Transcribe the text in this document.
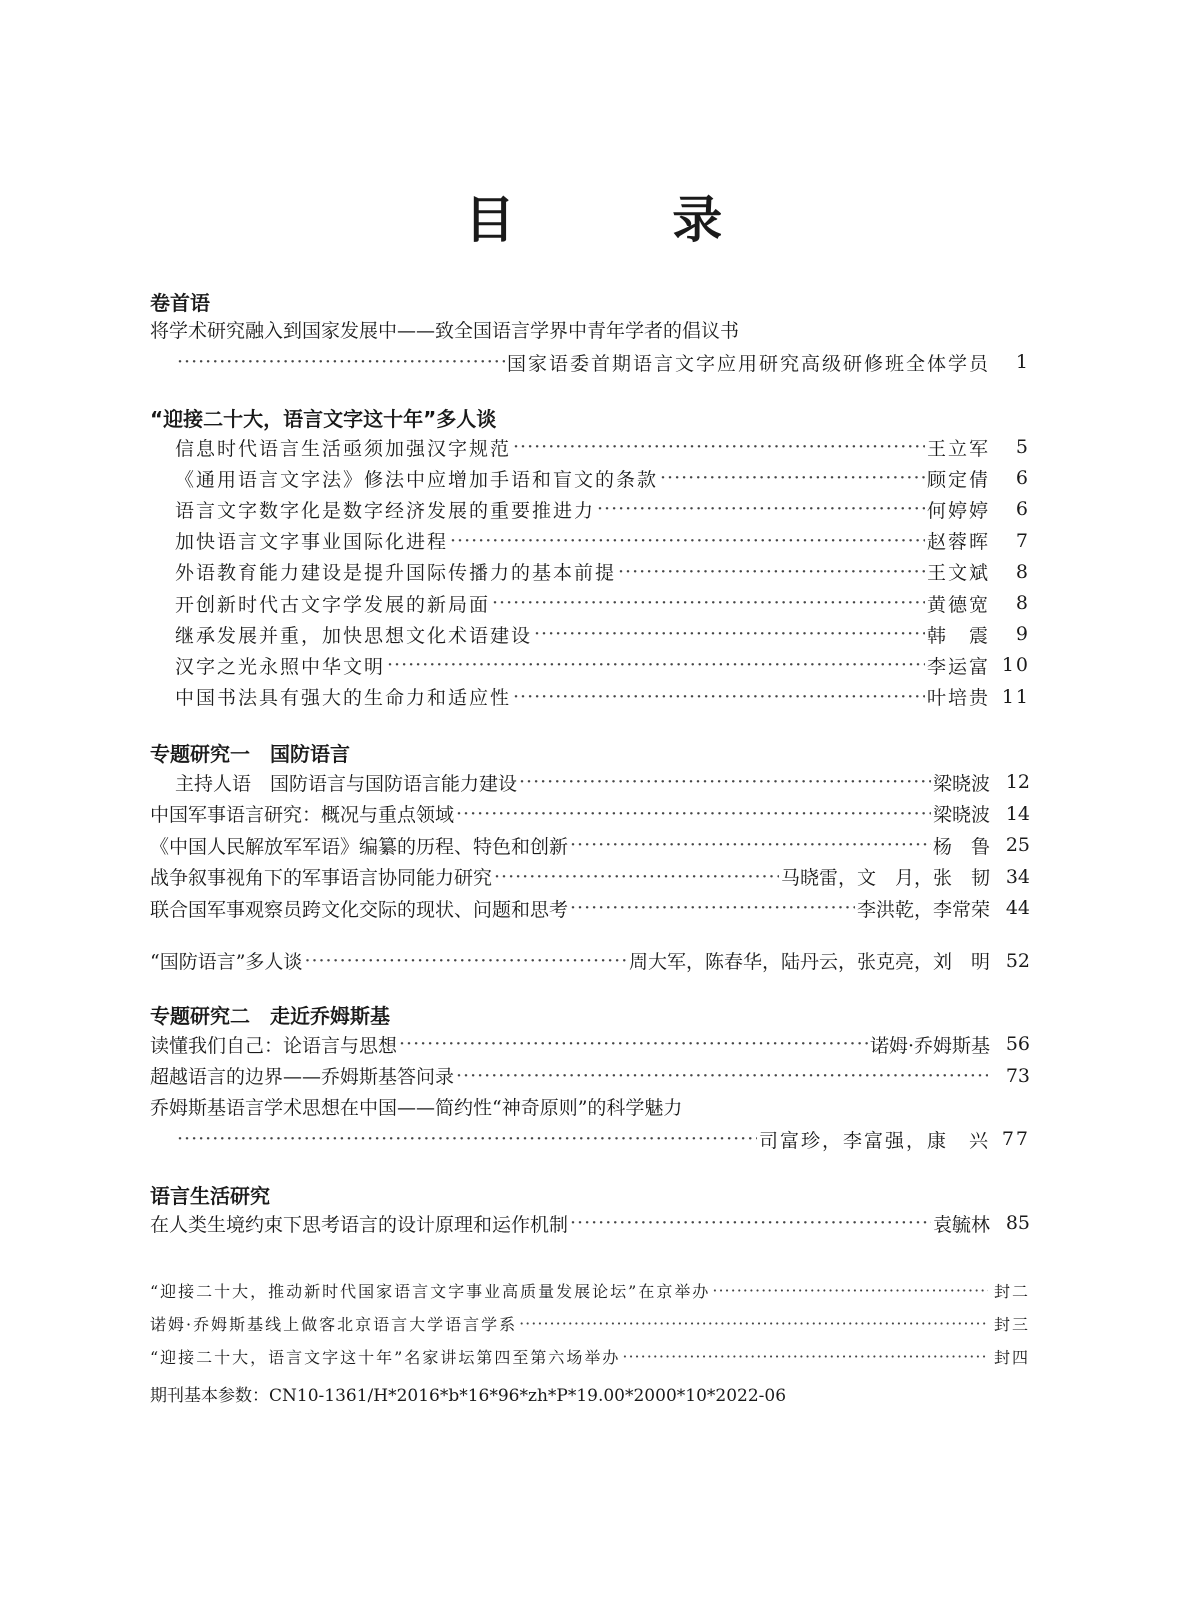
目 录
卷首语
将学术研究融入到国家发展中——致全国语言学界中青年学者的倡议书
·····
国家语委首期语言文字应用研究高级研修班全体学员	1
“迎接二十大，语言文字这十年”多人谈
信息时代语言生活亟须加强汉字规范 ·····	王立军	5
《通用语言文字法》修法中应增加手语和盲文的条款 ·····	顾定倩	6
语言文字数字化是数字经济发展的重要推进力 ·····	何婷婷	6
加快语言文字事业国际化进程 ·····	赵蓉晖	7
外语教育能力建设是提升国际传播力的基本前提 ·····	王文斌	8
开创新时代古文字学发展的新局面 ·····	黄德宽	8
继承发展并重，加快思想文化术语建设 ·····	韩　震	9
汉字之光永照中华文明 ·····	李运富 10
中国书法具有强大的生命力和适应性 ·····	叶培贵 11
专题研究一　国防语言
主持人语　国防语言与国防语言能力建设 ·····	梁晓波 12
中国军事语言研究：概况与重点领域 ·····	梁晓波 14
《中国人民解放军军语》编纂的历程、特色和创新 ·····	杨　鲁 25
战争叙事视角下的军事语言协同能力研究 ·····	马晓雷，文　月，张　韧 34
联合国军事观察员跨文化交际的现状、问题和思考 ·····	李洪乾，李常荣 44
“国防语言”多人谈 ·····	周大军，陈春华，陆丹云，张克亮，刘　明 52
专题研究二　走近乔姆斯基
读懂我们自己：论语言与思想 ·····	诺姆·乔姆斯基 56
超越语言的边界——乔姆斯基答问录 ·····	73
乔姆斯基语言学术思想在中国——简约性“神奇原则”的科学魅力
·····
司富珍，李富强，康　兴 77
语言生活研究
在人类生境约束下思考语言的设计原理和运作机制 ·····	袁毓林 85
“迎接二十大，推动新时代国家语言文字事业高质量发展论坛”在京举办 ·····	封二
诺姆·乔姆斯基线上做客北京语言大学语言学系 ·····	封三
“迎接二十大，语言文字这十年”名家讲坛第四至第六场举办 ·····	封四
期刊基本参数：CN10-1361/H*2016*b*16*96*zh*P*19.00*2000*10*2022-06
